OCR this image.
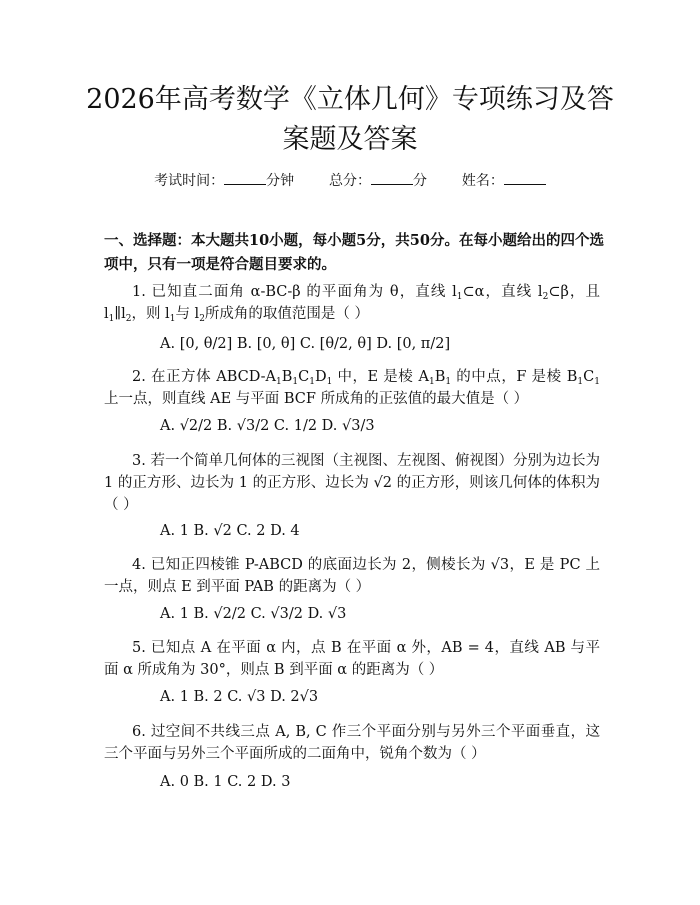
2026年高考数学《立体几何》专项练习及答
案题及答案
考试时间：	分钟 总分：	分 姓名：
一、选择题：本大题共10小题，每小题5分，共50分。在每小题给出的四个选项中，只有一项是符合题目要求的。
1. 已知直二面角 α-BC-β 的平面角为 θ，直线 $l_1\subset\alpha$，直线 $l_2\subset\beta$，且 $l_1\parallel l_2$，则 $l_1$与 $l_2$所成角的取值范围是（ ）
A. [0, θ/2] B. [0, θ] C. [θ/2, θ] D. [0, π/2]
2. 在正方体 ABCD-$A_1B_1C_1D_1$ 中，E 是棱 $A_1B_1$ 的中点，F 是棱 $B_1C_1$ 上一点，则直线 AE 与平面 BCF 所成角的正弦值的最大值是（ ）
A. √2/2 B. √3/2 C. 1/2 D. √3/3
3. 若一个简单几何体的三视图（主视图、左视图、俯视图）分别为边长为 1 的正方形、边长为 1 的正方形、边长为 √2 的正方形，则该几何体的体积为（ ）
A. 1 B. √2 C. 2 D. 4
4. 已知正四棱锥 P-ABCD 的底面边长为 2，侧棱长为 √3，E 是 PC 上一点，则点 E 到平面 PAB 的距离为（ ）
A. 1 B. √2/2 C. √3/2 D. √3
5. 已知点 A 在平面 α 内，点 B 在平面 α 外，AB = 4，直线 AB 与平面 α 所成角为 30°，则点 B 到平面 α 的距离为（ ）
A. 1 B. 2 C. √3 D. 2√3
6. 过空间不共线三点 A, B, C 作三个平面分别与另外三个平面垂直，这三个平面与另外三个平面所成的二面角中，锐角个数为（ ）
A. 0 B. 1 C. 2 D. 3
